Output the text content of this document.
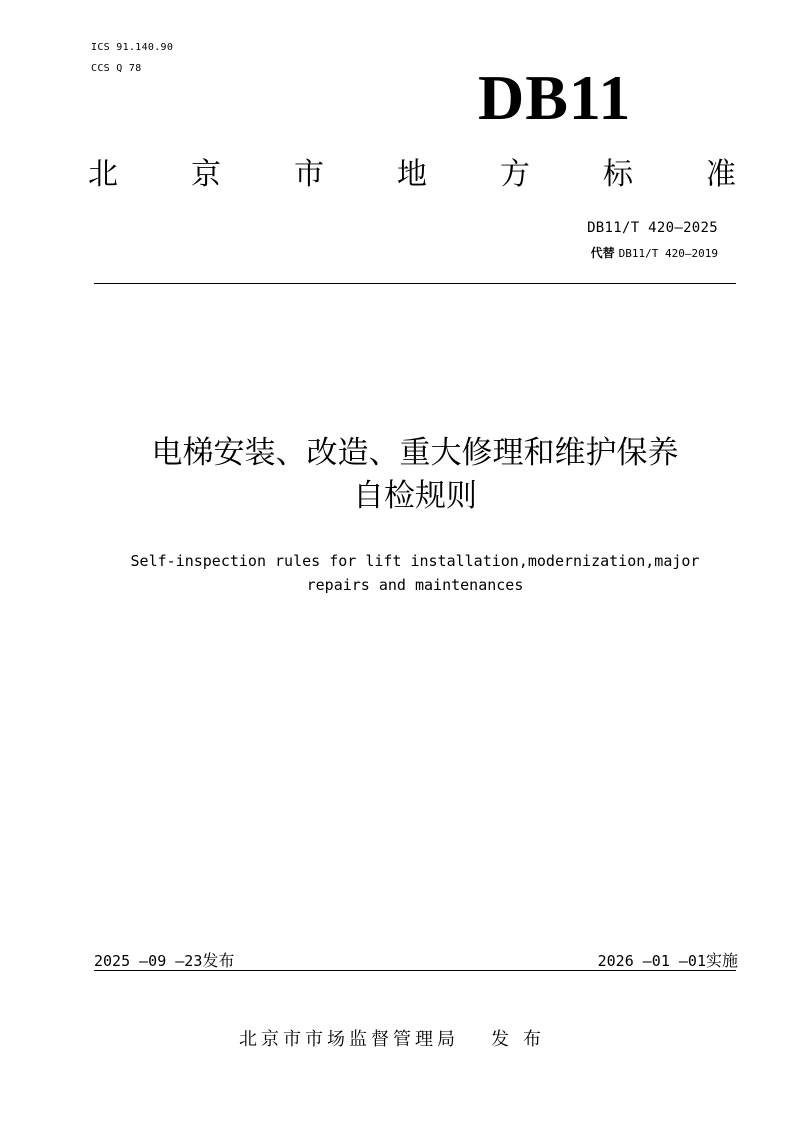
ICS 91.140.90
CCS Q 78	DB11
北 京 市 地 方 标 准
DB11/T 420—2025
代替 DB11/T 420—2019
电梯安装、改造、重大修理和维护保养
自检规则
Self-inspection rules for lift installation,modernization,major
repairs and maintenances
2025 —09 —23发布	2026 —01 —01实施
北京市市场监督管理局 发布
